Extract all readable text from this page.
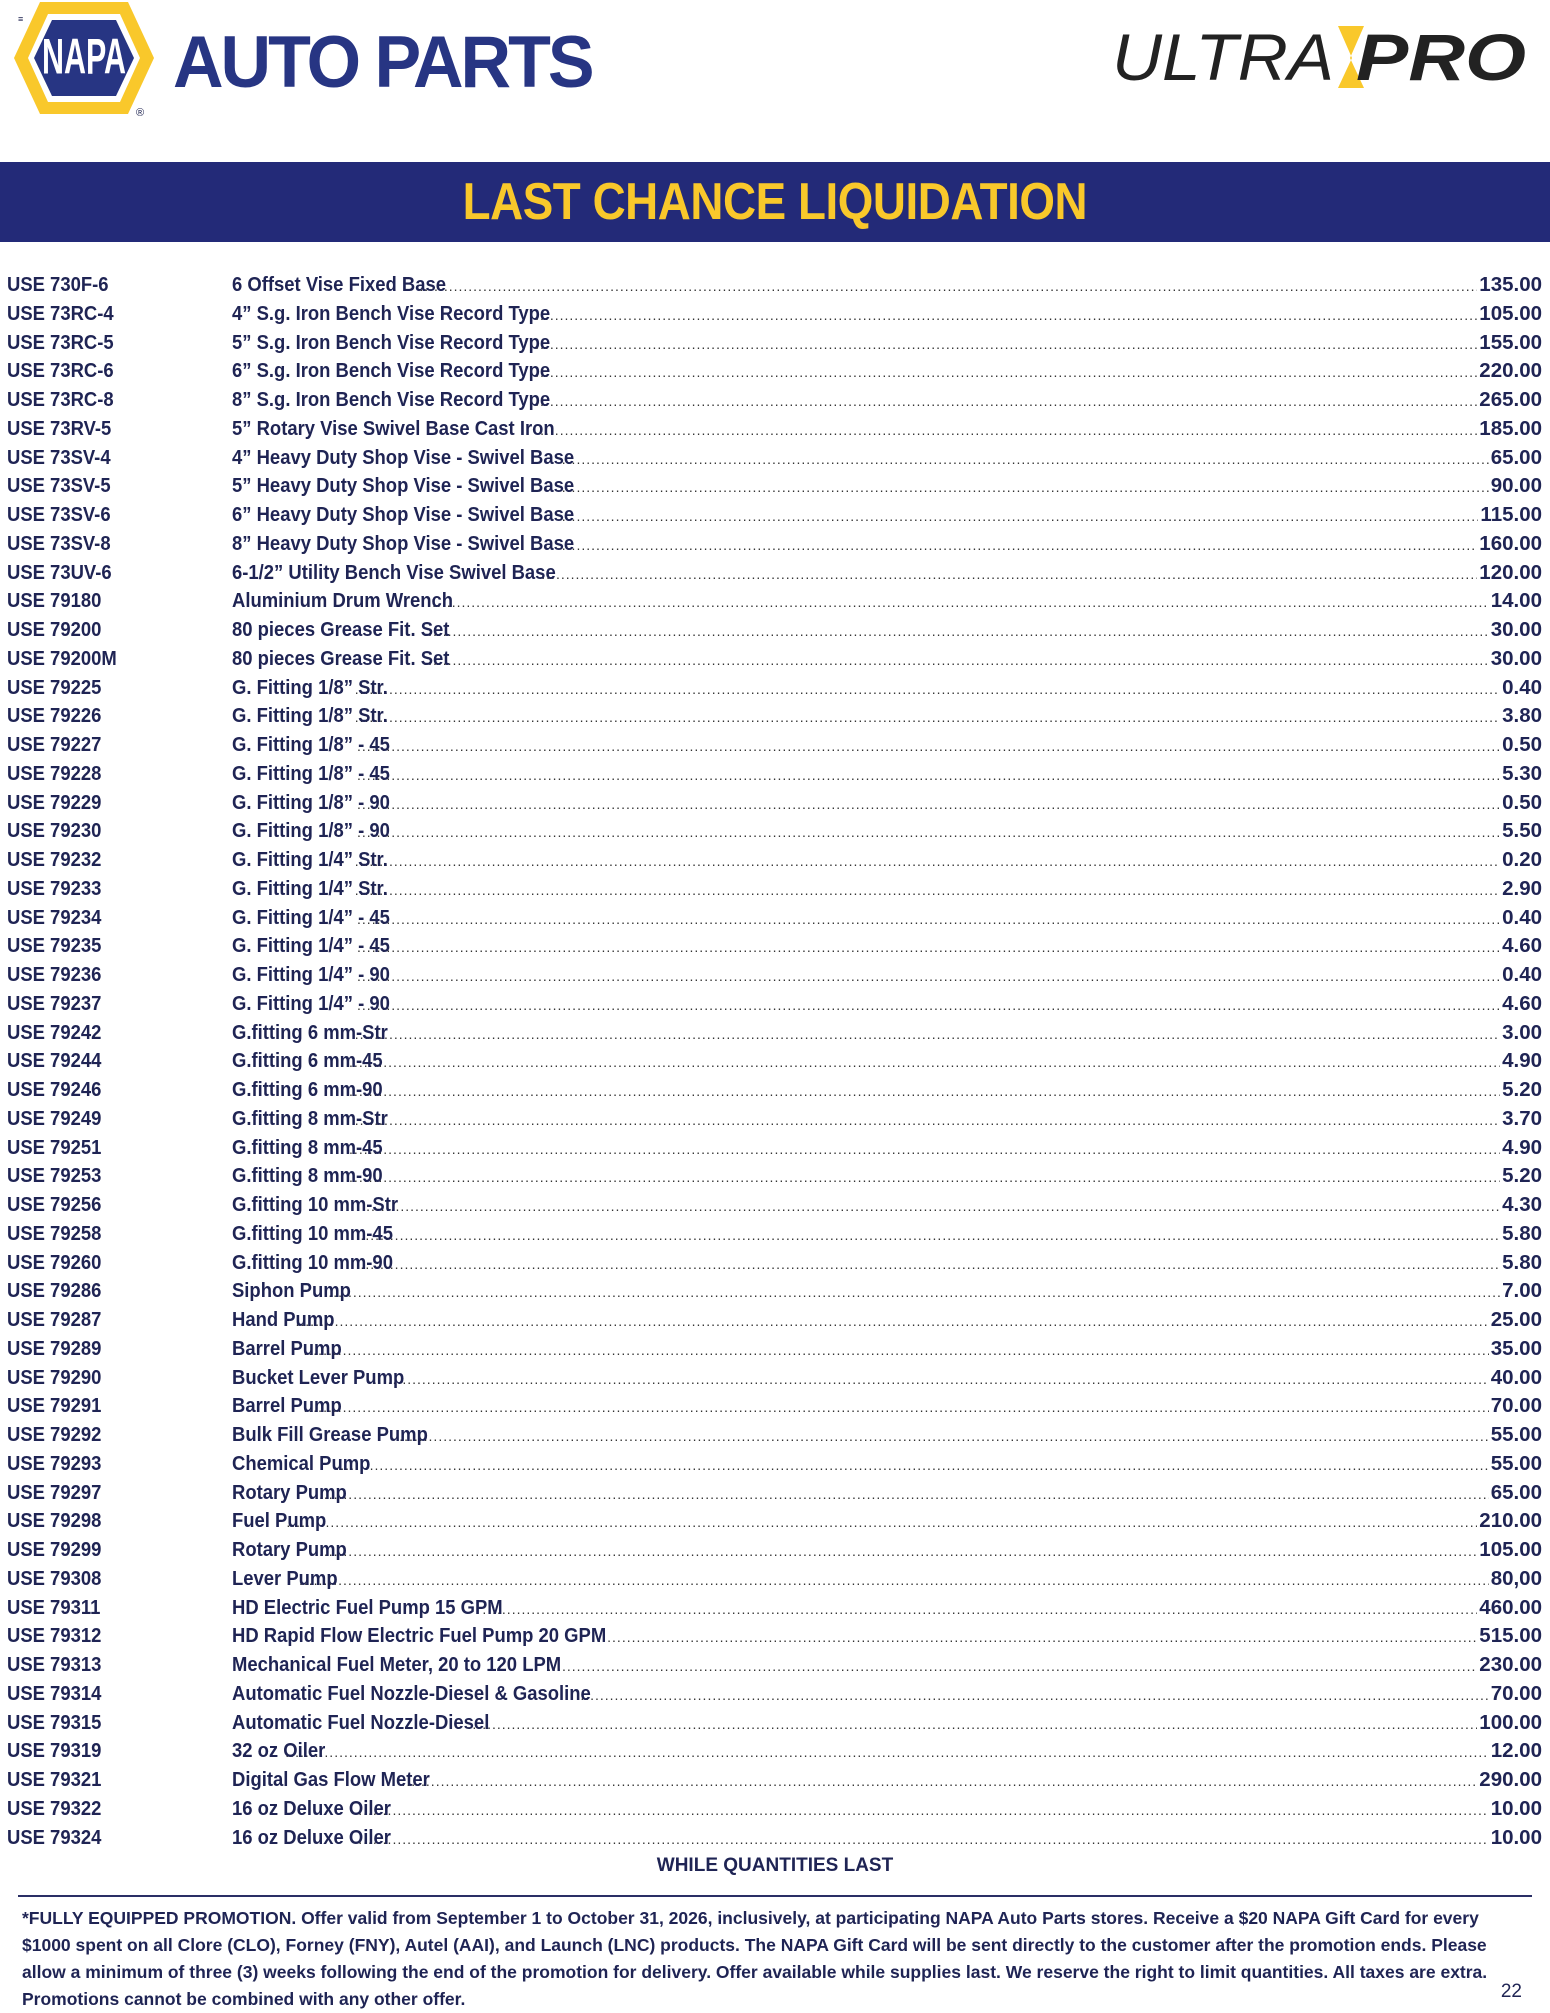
≡
NAPA
®
AUTO PARTS	ULTRA PRO
LAST CHANCE LIQUIDATION
USE 730F-6	6 Offset Vise Fixed Base .....	135.00
USE 73RC-4	4” S.g. Iron Bench Vise Record Type .....	105.00
USE 73RC-5	5” S.g. Iron Bench Vise Record Type .....	155.00
USE 73RC-6	6” S.g. Iron Bench Vise Record Type .....	220.00
USE 73RC-8	8” S.g. Iron Bench Vise Record Type .....	265.00
USE 73RV-5	5” Rotary Vise Swivel Base Cast Iron .....	185.00
USE 73SV-4	4” Heavy Duty Shop Vise - Swivel Base .....	65.00
USE 73SV-5	5” Heavy Duty Shop Vise - Swivel Base .....	90.00
USE 73SV-6	6” Heavy Duty Shop Vise - Swivel Base .....	115.00
USE 73SV-8	8” Heavy Duty Shop Vise - Swivel Base .....	160.00
USE 73UV-6	6-1/2” Utility Bench Vise Swivel Base .....	120.00
USE 79180	Aluminium Drum Wrench .....	14.00
USE 79200	80 pieces Grease Fit. Set .....	30.00
USE 79200M	80 pieces Grease Fit. Set .....	30.00
USE 79225	G. Fitting 1/8” Str. .....	0.40
USE 79226	G. Fitting 1/8” Str. .....	3.80
USE 79227	G. Fitting 1/8” - 45 .....	0.50
USE 79228	G. Fitting 1/8” - 45 .....	5.30
USE 79229	G. Fitting 1/8” - 90 .....	0.50
USE 79230	G. Fitting 1/8” - 90 .....	5.50
USE 79232	G. Fitting 1/4” Str. .....	0.20
USE 79233	G. Fitting 1/4” Str. .....	2.90
USE 79234	G. Fitting 1/4” - 45 .....	0.40
USE 79235	G. Fitting 1/4” - 45 .....	4.60
USE 79236	G. Fitting 1/4” - 90 .....	0.40
USE 79237	G. Fitting 1/4” - 90 .....	4.60
USE 79242	G.fitting 6 mm-Str .....	3.00
USE 79244	G.fitting 6 mm-45 .....	4.90
USE 79246	G.fitting 6 mm-90 .....	5.20
USE 79249	G.fitting 8 mm-Str .....	3.70
USE 79251	G.fitting 8 mm-45 .....	4.90
USE 79253	G.fitting 8 mm-90 .....	5.20
USE 79256	G.fitting 10 mm-Str .....	4.30
USE 79258	G.fitting 10 mm-45 .....	5.80
USE 79260	G.fitting 10 mm-90 .....	5.80
USE 79286	Siphon Pump .....	7.00
USE 79287	Hand Pump .....	25.00
USE 79289	Barrel Pump .....	35.00
USE 79290	Bucket Lever Pump .....	40.00
USE 79291	Barrel Pump .....	70.00
USE 79292	Bulk Fill Grease Pump .....	55.00
USE 79293	Chemical Pump .....	55.00
USE 79297	Rotary Pump .....	65.00
USE 79298	Fuel Pump .....	210.00
USE 79299	Rotary Pump .....	105.00
USE 79308	Lever Pump .....	80,00
USE 79311	HD Electric Fuel Pump 15 GPM .....	460.00
USE 79312	HD Rapid Flow Electric Fuel Pump 20 GPM .....	515.00
USE 79313	Mechanical Fuel Meter, 20 to 120 LPM .....	230.00
USE 79314	Automatic Fuel Nozzle-Diesel & Gasoline .....	70.00
USE 79315	Automatic Fuel Nozzle-Diesel .....	100.00
USE 79319	32 oz Oiler .....	12.00
USE 79321	Digital Gas Flow Meter .....	290.00
USE 79322	16 oz Deluxe Oiler .....	10.00
USE 79324	16 oz Deluxe Oiler .....	10.00
WHILE QUANTITIES LAST
*FULLY EQUIPPED PROMOTION. Offer valid from September 1 to October 31, 2026, inclusively, at participating NAPA Auto Parts stores. Receive a $20 NAPA Gift Card for every $1000 spent on all Clore (CLO), Forney (FNY), Autel (AAI), and Launch (LNC) products. The NAPA Gift Card will be sent directly to the customer after the promotion ends. Please allow a minimum of three (3) weeks following the end of the promotion for delivery. Offer available while supplies last. We reserve the right to limit quantities. All taxes are extra. Promotions cannot be combined with any other offer.	22
